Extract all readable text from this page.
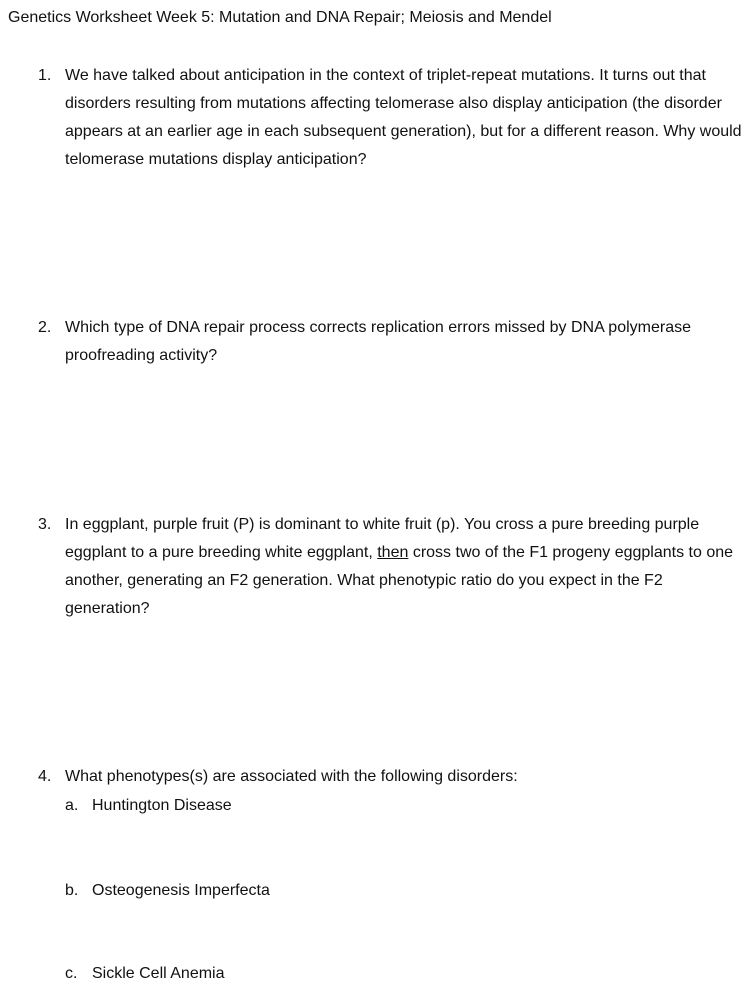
Genetics Worksheet Week 5: Mutation and DNA Repair; Meiosis and Mendel
1. We have talked about anticipation in the context of triplet-repeat mutations. It turns out that disorders resulting from mutations affecting telomerase also display anticipation (the disorder appears at an earlier age in each subsequent generation), but for a different reason. Why would telomerase mutations display anticipation?
2. Which type of DNA repair process corrects replication errors missed by DNA polymerase proofreading activity?
3. In eggplant, purple fruit (P) is dominant to white fruit (p). You cross a pure breeding purple eggplant to a pure breeding white eggplant, then cross two of the F1 progeny eggplants to one another, generating an F2 generation. What phenotypic ratio do you expect in the F2 generation?
4. What phenotypes(s) are associated with the following disorders:
a. Huntington Disease
b. Osteogenesis Imperfecta
c. Sickle Cell Anemia
